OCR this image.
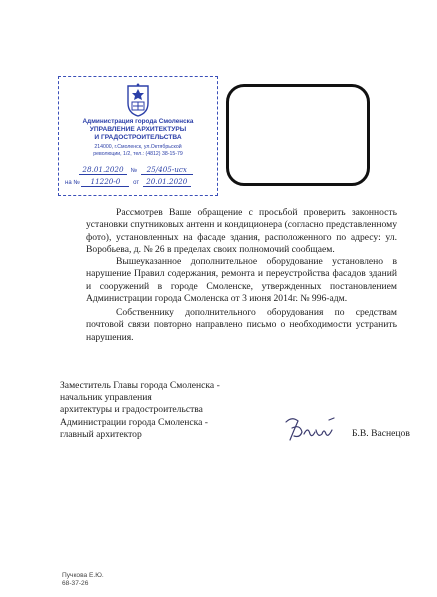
Администрация города Смоленска
УПРАВЛЕНИЕ АРХИТЕКТУРЫ
И ГРАДОСТРОИТЕЛЬСТВА
214000, г.Смоленск, ул.Октябрьской
революции, 1/2, тел.: (4812) 38-15-79
28.01.2020 № 25/405-исх
на № 11220-0 от 20.01.2020
Рассмотрев Ваше обращение с просьбой проверить законность установки спутниковых антенн и кондиционера (согласно представленному фото), установленных на фасаде здания, расположенного по адресу: ул. Воробьева, д. № 26 в пределах своих полномочий сообщаем.
Вышеуказанное дополнительное оборудование установлено в нарушение Правил содержания, ремонта и переустройства фасадов зданий и сооружений в городе Смоленске, утвержденных постановлением Администрации города Смоленска от 3 июня 2014г. № 996-адм.
Собственнику дополнительного оборудования по средствам почтовой связи повторно направлено письмо о необходимости устранить нарушения.
Заместитель Главы города Смоленска -
начальник управления
архитектуры и градостроительства
Администрации города Смоленска -
главный архитектор	Б.В. Васнецов
Пучкова Е.Ю.
68-37-26
